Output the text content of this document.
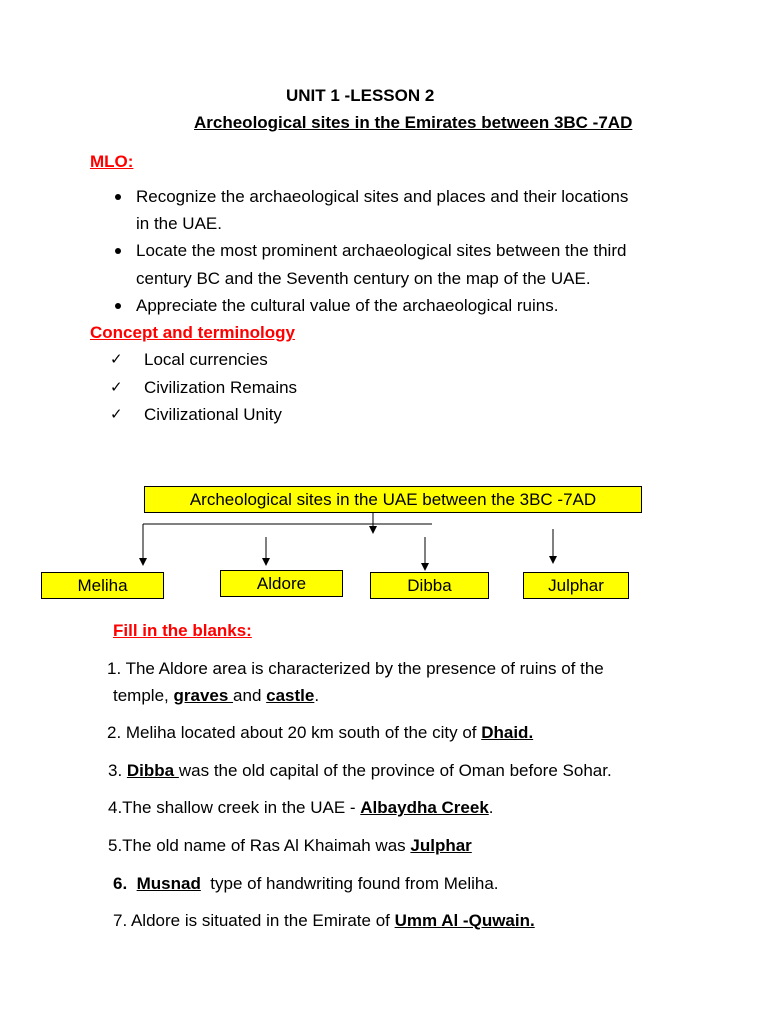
UNIT 1 -LESSON 2
Archeological sites in the Emirates between 3BC -7AD
MLO:
Recognize the archaeological sites and places and their locations
in the UAE.
Locate the most prominent archaeological sites between the third
century BC and the Seventh century on the map of the UAE.
Appreciate the cultural value of the archaeological ruins.
Concept and terminology
✓ Local currencies
✓ Civilization Remains
✓ Civilizational Unity
Archeological sites in the UAE between the 3BC -7AD
Meliha	Aldore	Dibba	Julphar
Fill in the blanks:
1. The Aldore area is characterized by the presence of ruins of the
temple, graves and castle.
2. Meliha located about 20 km south of the city of Dhaid.
3. Dibba was the old capital of the province of Oman before Sohar.
4.The shallow creek in the UAE - Albaydha Creek.
5.The old name of Ras Al Khaimah was Julphar
6.  Musnad  type of handwriting found from Meliha.
7. Aldore is situated in the Emirate of Umm Al -Quwain.
